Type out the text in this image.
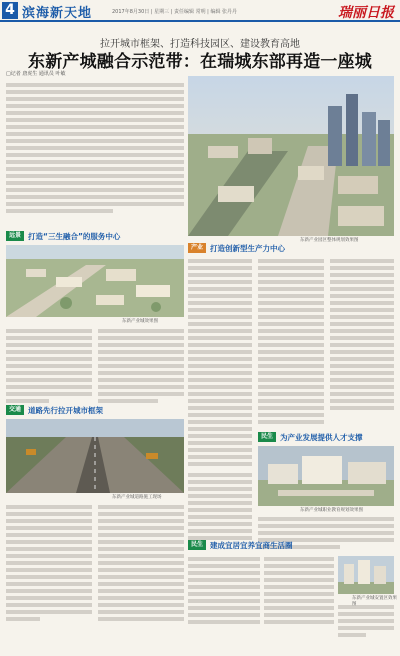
4 滨海新天地	2017年8月30日 | 星期三 | 责任编辑 常明 | 编辑 张丹丹	瑞丽日报
拉开城市框架、打造科技园区、建设教育高地
东新产城融合示范带：在瑞城东部再造一座城
□记者 唐虎生 通讯员 叶敏
东新产业园区整体规划效果图
远景 打造“三生融合”的服务中心
东新产业城效果图
产业 打造创新型生产力中心
民生 为产业发展提供人才支撑
东新产业城职业教育规划效果图
交通 道路先行拉开城市框架
东新产业城道路施工现场
民生 建成宜居宜养宜商生活圈
东新产业城安置区效果
